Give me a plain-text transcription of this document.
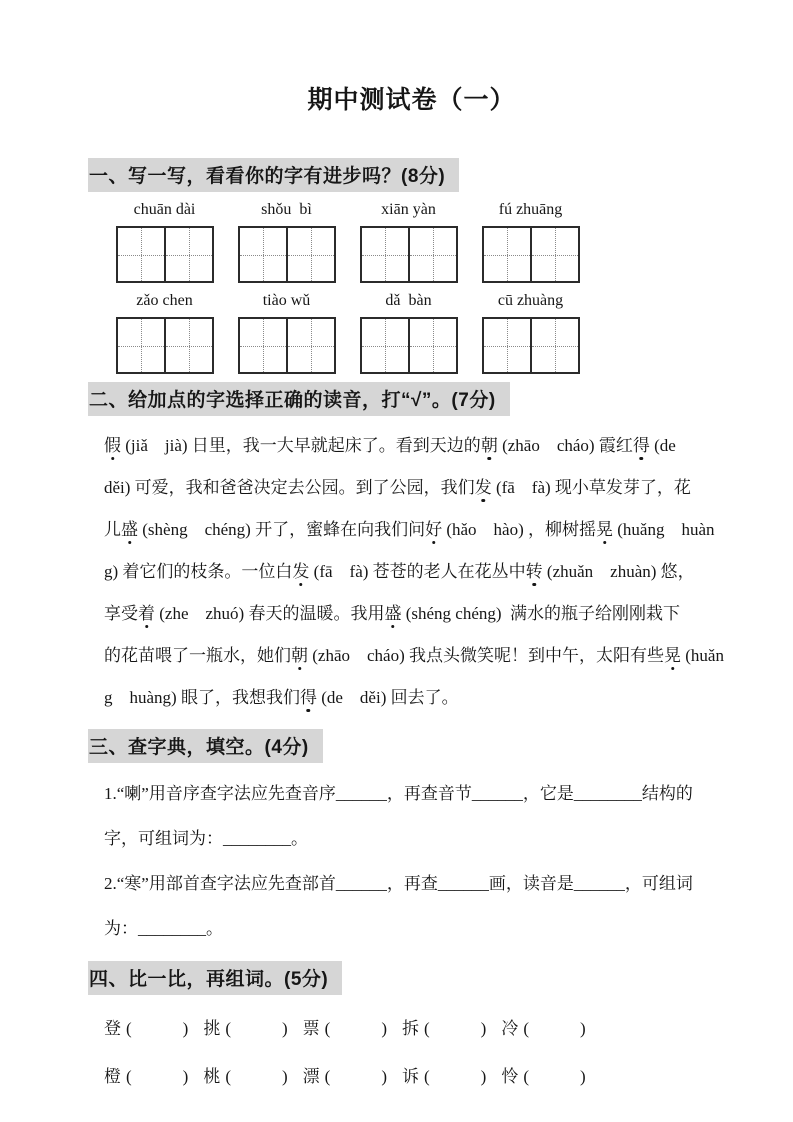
期中测试卷（一）
一、写一写，看看你的字有进步吗？(8分)
chuān dài	shǒu  bì	xiān yàn	fú zhuāng
zǎo chen	tiào wǔ	dǎ  bàn	cū zhuàng
二、给加点的字选择正确的读音，打“√”。(7分)
假 (jiǎ　jià) 日里，我一大早就起床了。看到天边的朝 (zhāo　cháo) 霞红得 (de
děi) 可爱，我和爸爸决定去公园。到了公园，我们发 (fā　fà) 现小草发芽了，花
儿盛 (shèng　chéng) 开了，蜜蜂在向我们问好 (hǎo　hào) ，柳树摇晃 (huǎng　huàn
g) 着它们的枝条。一位白发 (fā　fà) 苍苍的老人在花丛中转 (zhuǎn　zhuàn) 悠，
享受着 (zhe　zhuó) 春天的温暖。我用盛 (shéng chéng)  满水的瓶子给刚刚栽下
的花苗喂了一瓶水，她们朝 (zhāo　cháo) 我点头微笑呢！到中午，太阳有些晃 (huǎn
g　huàng) 眼了，我想我们得 (de　děi) 回去了。
三、查字典，填空。(4分)
1.“喇”用音序查字法应先查音序______，再查音节______，它是________结构的
字，可组词为：________。
2.“寒”用部首查字法应先查部首______，再查______画，读音是______，可组词
为：________。
四、比一比，再组词。(5分)
登 (　　　) 挑 (　　　) 票 (　　　) 拆 (　　　) 冷 (　　　)
橙 (　　　) 桃 (　　　) 漂 (　　　) 诉 (　　　) 怜 (　　　)
